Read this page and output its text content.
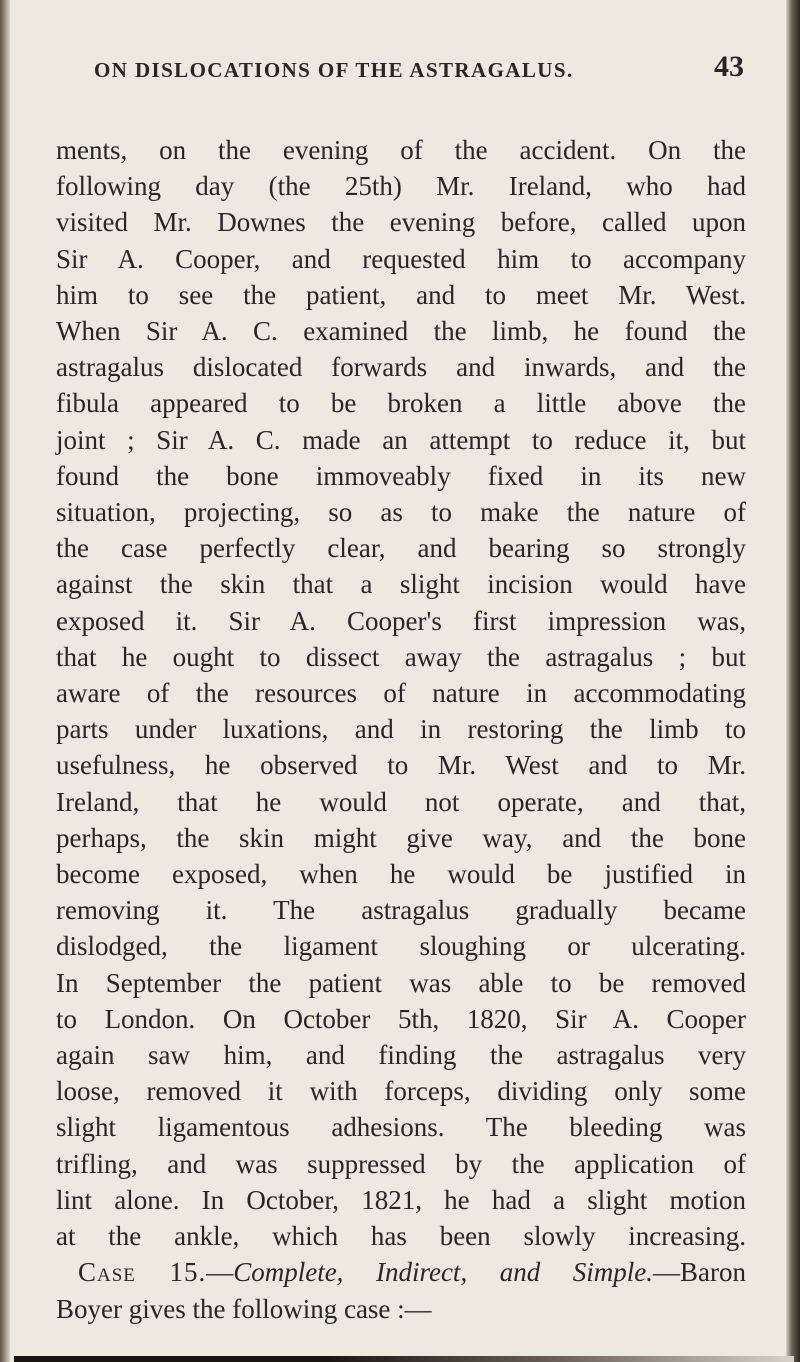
ON DISLOCATIONS OF THE ASTRAGALUS.	43
ments, on the evening of the accident. On the
following day (the 25th) Mr. Ireland, who had
visited Mr. Downes the evening before, called upon
Sir A. Cooper, and requested him to accompany
him to see the patient, and to meet Mr. West.
When Sir A. C. examined the limb, he found the
astragalus dislocated forwards and inwards, and the
fibula appeared to be broken a little above the
joint ; Sir A. C. made an attempt to reduce it, but
found the bone immoveably fixed in its new
situation, projecting, so as to make the nature of
the case perfectly clear, and bearing so strongly
against the skin that a slight incision would have
exposed it. Sir A. Cooper's first impression was,
that he ought to dissect away the astragalus ; but
aware of the resources of nature in accommodating
parts under luxations, and in restoring the limb to
usefulness, he observed to Mr. West and to Mr.
Ireland, that he would not operate, and that,
perhaps, the skin might give way, and the bone
become exposed, when he would be justified in
removing it. The astragalus gradually became
dislodged, the ligament sloughing or ulcerating.
In September the patient was able to be removed
to London. On October 5th, 1820, Sir A. Cooper
again saw him, and finding the astragalus very
loose, removed it with forceps, dividing only some
slight ligamentous adhesions. The bleeding was
trifling, and was suppressed by the application of
lint alone. In October, 1821, he had a slight motion
at the ankle, which has been slowly increasing.
Case 15.—Complete, Indirect, and Simple.—Baron
Boyer gives the following case :—
